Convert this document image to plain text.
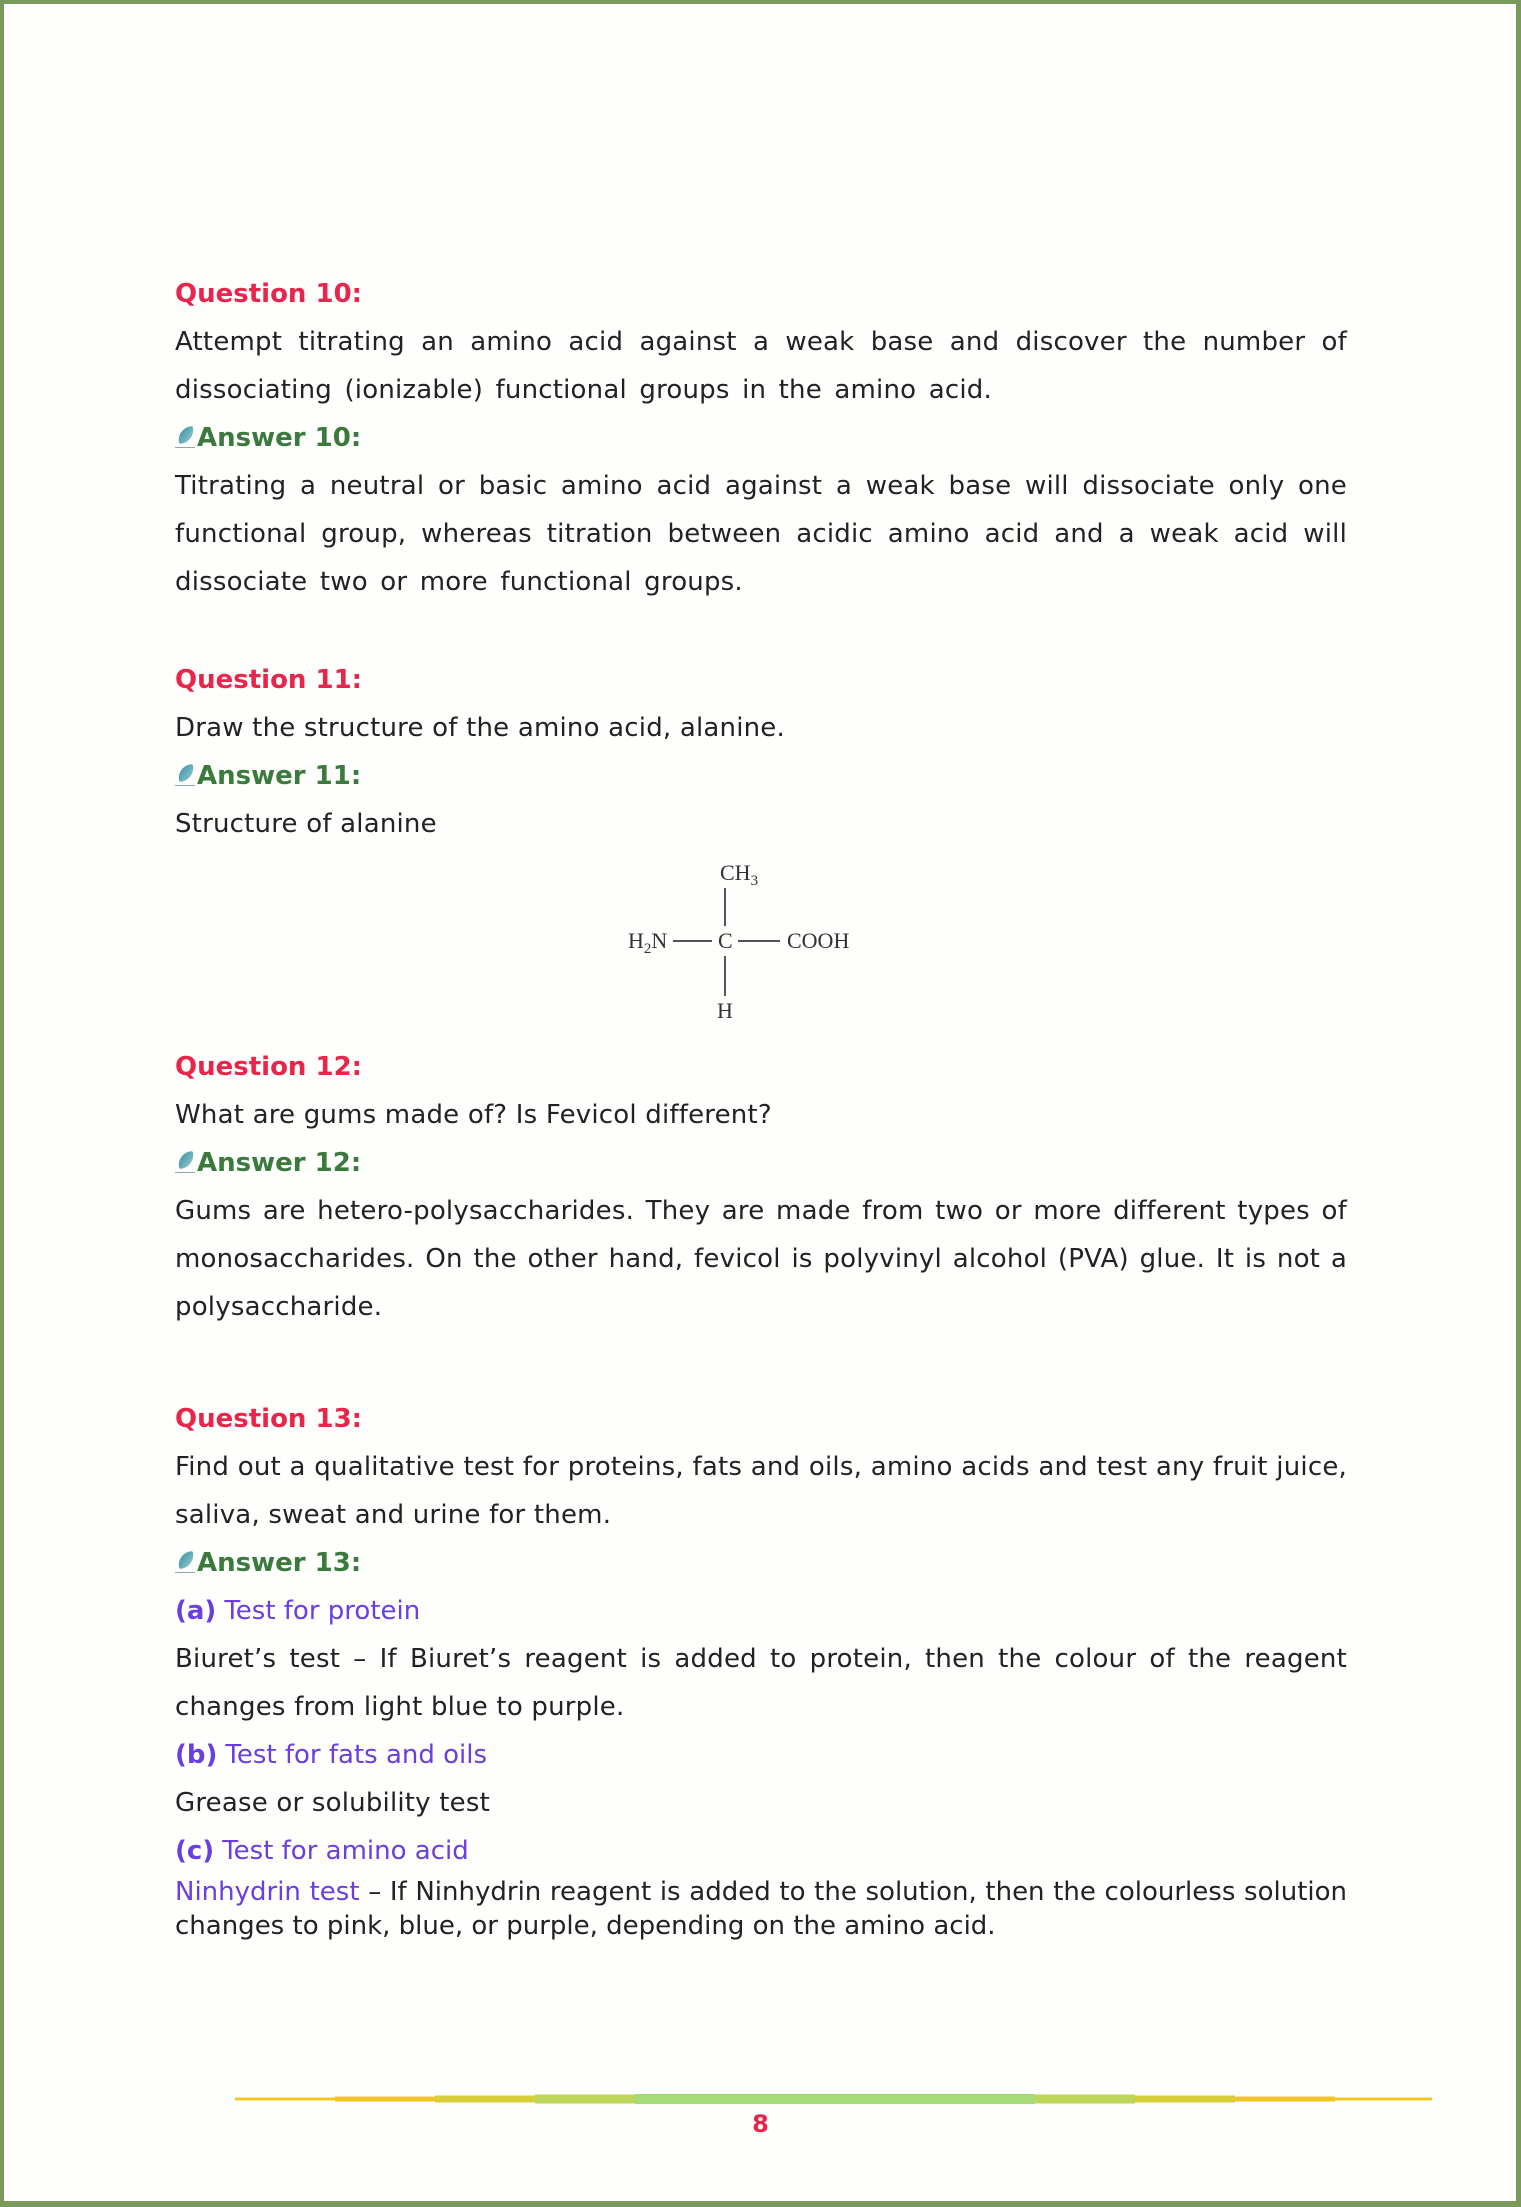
Question 10:

Attempt titrating an amino acid against a weak base and discover the number of dissociating (ionizable) functional groups in the amino acid.

Answer 10:

Titrating a neutral or basic amino acid against a weak base will dissociate only one functional group, whereas titration between acidic amino acid and a weak acid will dissociate two or more functional groups.

Question 11:

Draw the structure of the amino acid, alanine.

Answer 11:

Structure of alanine

$CH_3$
$H_2N$ C COOH
H

Question 12:

What are gums made of? Is Fevicol different?

Answer 12:

Gums are hetero-polysaccharides. They are made from two or more different types of monosaccharides. On the other hand, fevicol is polyvinyl alcohol (PVA) glue. It is not a polysaccharide.

Question 13:

Find out a qualitative test for proteins, fats and oils, amino acids and test any fruit juice, saliva, sweat and urine for them.

Answer 13:

(a) Test for protein

Biuret’s test – If Biuret’s reagent is added to protein, then the colour of the reagent changes from light blue to purple.

(b) Test for fats and oils

Grease or solubility test

(c) Test for amino acid

Ninhydrin test – If Ninhydrin reagent is added to the solution, then the colourless solution changes to pink, blue, or purple, depending on the amino acid.

8
